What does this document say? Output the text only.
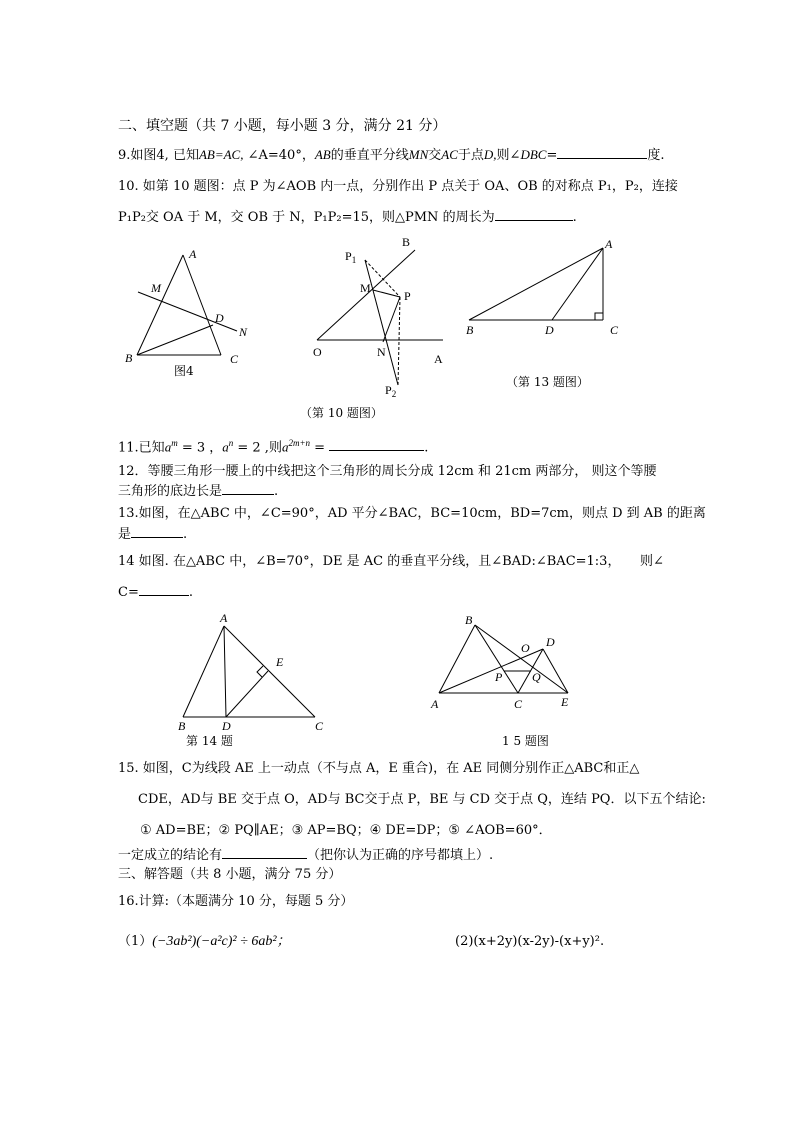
二、填空题（共 7 小题，每小题 3 分，满分 21 分）
9.如图4, 已知AB=AC, ∠A=40°，AB的垂直平分线MN交AC于点D,则∠DBC=	度.
10. 如第 10 题图：点 P 为∠AOB 内一点，分别作出 P 点关于 OA、OB 的对称点 P₁，P₂，连接
P₁P₂交 OA 于 M，交 OB 于 N，P₁P₂=15，则△PMN 的周长为	.
A
M
D
N
B	C
图4
B
$P_1$
M
P
O	N	A
$P_2$
（第 10 题图）
A
B	D	C
（第 13 题图）
11.已知$a^m = 3$ ，$a^n = 2$ ,则$a^{2m+n}$ =	.
12．等腰三角形一腰上的中线把这个三角形的周长分成 12cm 和 21cm 两部分， 则这个等腰
三角形的底边长是	.
13.如图，在△ABC 中，∠C=90°，AD 平分∠BAC，BC=10cm，BD=7cm，则点 D 到 AB 的距离
是	.
14 如图. 在△ABC 中，∠B=70°，DE 是 AC 的垂直平分线，且∠BAD:∠BAC=1:3，　　则∠
C=	.
A
E
B	D	C
第 14 题
B
D
O
P Q
A	C	E
1 5 题图
15. 如图，C为线段 AE 上一动点（不与点 A，E 重合)，在 AE 同侧分别作正△ABC和正△
CDE，AD与 BE 交于点 O，AD与 BC交于点 P，BE 与 CD 交于点 Q，连结 PQ．以下五个结论:
① AD=BE；② PQ∥AE；③ AP=BQ；④ DE=DP；⑤ ∠AOB=60°．
一定成立的结论有	（把你认为正确的序号都填上）.
三、解答题（共 8 小题，满分 75 分）
16.计算:（本题满分 10 分，每题 5 分）
（1）(−3ab²)(−a²c)² ÷ 6ab²；	(2)(x+2y)(x-2y)-(x+y)².
